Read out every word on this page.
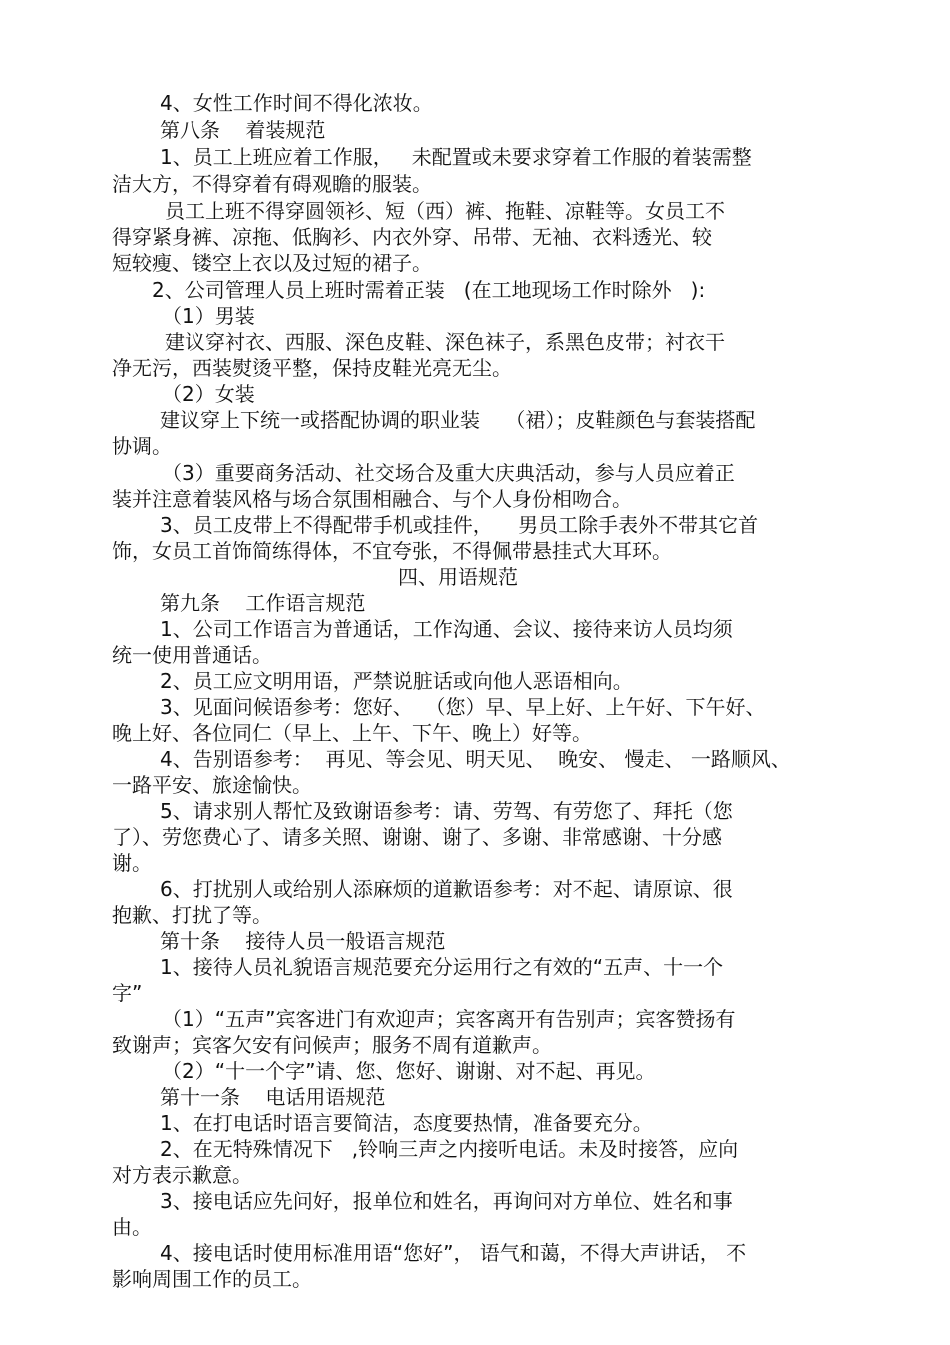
4、女性工作时间不得化浓妆。
第八条    着装规范
1、员工上班应着工作服，   未配置或未要求穿着工作服的着装需整
洁大方，不得穿着有碍观瞻的服装。
员工上班不得穿圆领衫、短（西）裤、拖鞋、凉鞋等。女员工不
得穿紧身裤、凉拖、低胸衫、内衣外穿、吊带、无袖、衣料透光、较
短较瘦、镂空上衣以及过短的裙子。
2、公司管理人员上班时需着正装   (在工地现场工作时除外   ):
（1）男装
建议穿衬衣、西服、深色皮鞋、深色袜子，系黑色皮带；衬衣干
净无污，西装熨烫平整，保持皮鞋光亮无尘。
（2）女装
建议穿上下统一或搭配协调的职业装    （裙）；皮鞋颜色与套装搭配
协调。
（3）重要商务活动、社交场合及重大庆典活动，参与人员应着正
装并注意着装风格与场合氛围相融合、与个人身份相吻合。
3、员工皮带上不得配带手机或挂件，    男员工除手表外不带其它首
饰，女员工首饰简练得体，不宜夸张，不得佩带悬挂式大耳环。
四、用语规范
第九条    工作语言规范
1、公司工作语言为普通话，工作沟通、会议、接待来访人员均须
统一使用普通话。
2、员工应文明用语，严禁说脏话或向他人恶语相向。
3、见面问候语参考：您好、  （您）早、早上好、上午好、下午好、
晚上好、各位同仁（早上、上午、下午、晚上）好等。
4、告别语参考：  再见、等会见、明天见、  晚安、 慢走、 一路顺风、
一路平安、旅途愉快。
5、请求别人帮忙及致谢语参考：请、劳驾、有劳您了、拜托（您
了）、劳您费心了、请多关照、谢谢、谢了、多谢、非常感谢、十分感
谢。
6、打扰别人或给别人添麻烦的道歉语参考：对不起、请原谅、很
抱歉、打扰了等。
第十条    接待人员一般语言规范
1、接待人员礼貌语言规范要充分运用行之有效的“五声、十一个
字”
（1）“五声”宾客进门有欢迎声；宾客离开有告别声；宾客赞扬有
致谢声；宾客欠安有问候声；服务不周有道歉声。
（2）“十一个字”请、您、您好、谢谢、对不起、再见。
第十一条    电话用语规范
1、在打电话时语言要简洁，态度要热情，准备要充分。
2、在无特殊情况下   ,铃响三声之内接听电话。未及时接答，应向
对方表示歉意。
3、接电话应先问好，报单位和姓名，再询问对方单位、姓名和事
由。
4、接电话时使用标准用语“您好”， 语气和蔼，不得大声讲话， 不
影响周围工作的员工。
